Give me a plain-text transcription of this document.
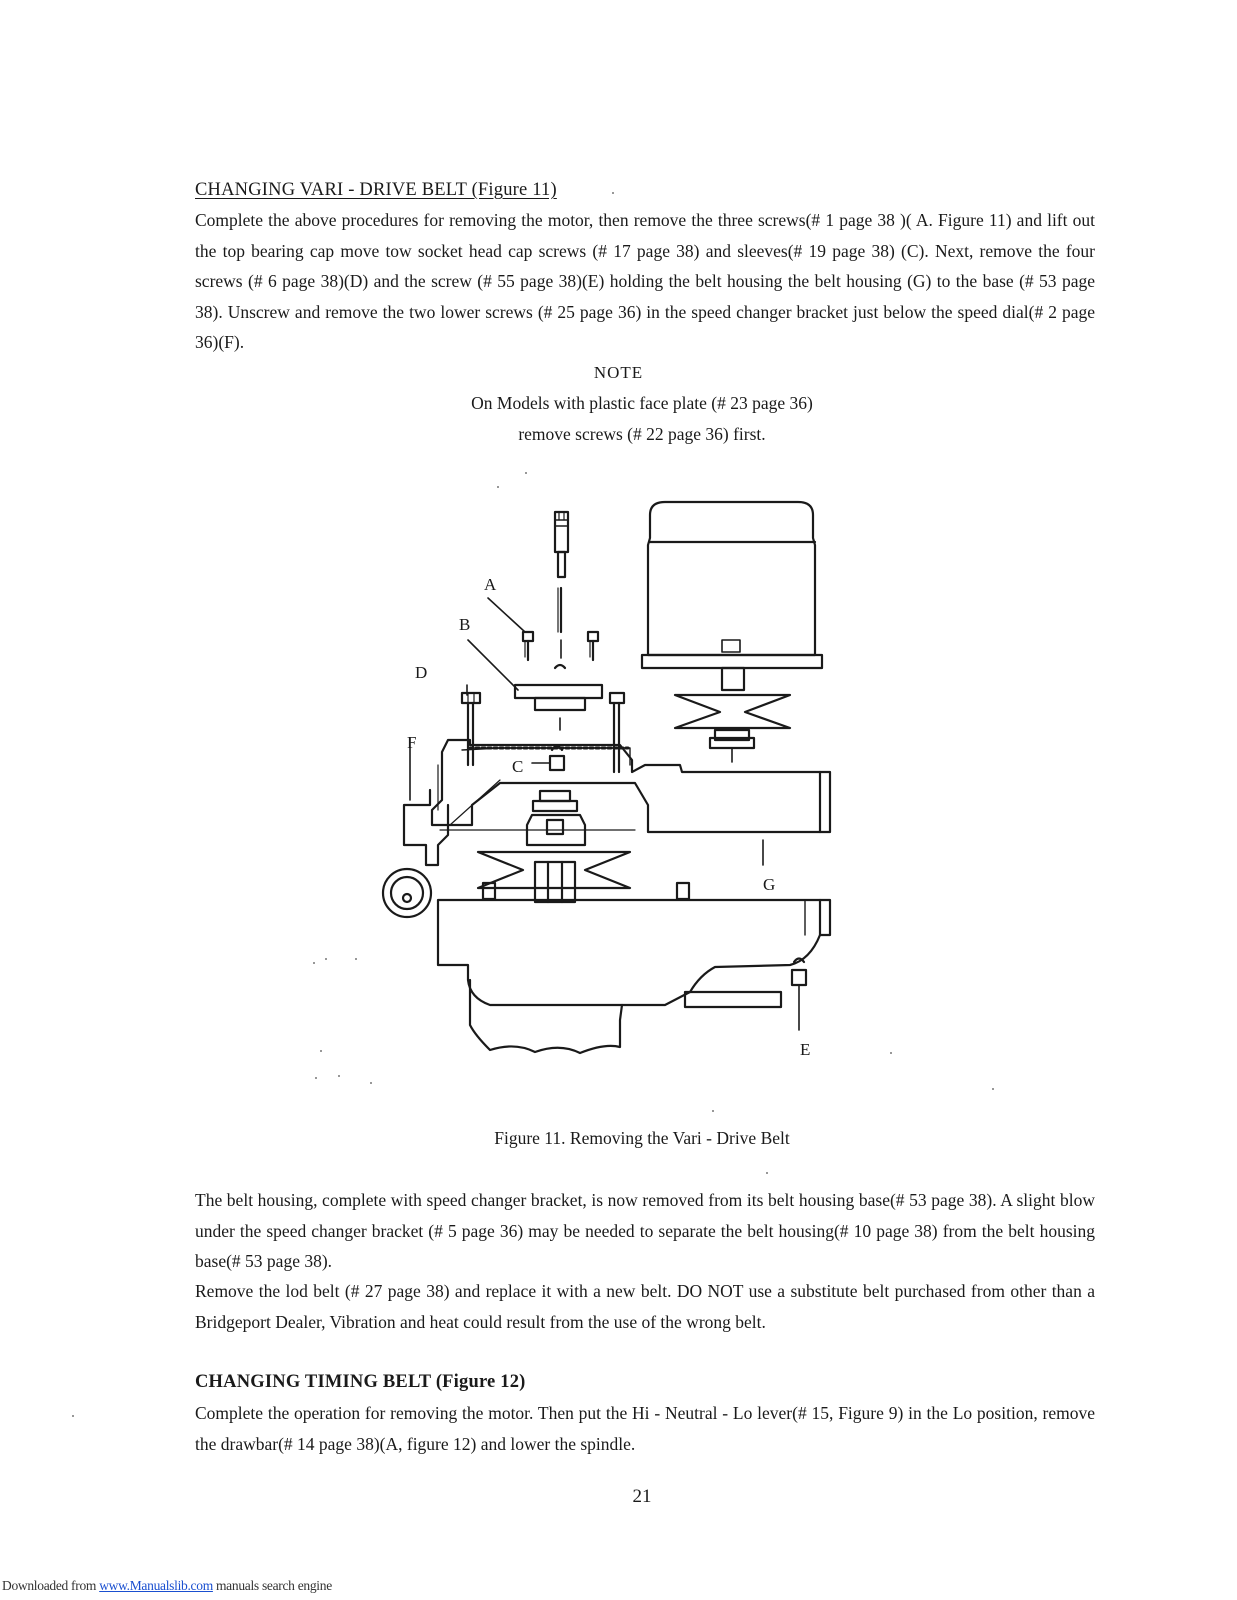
CHANGING VARI - DRIVE BELT (Figure 11)

Complete the above procedures for removing the motor, then remove the three screws(# 1 page 38 )( A. Figure 11) and lift out the top bearing cap move tow socket head cap screws (# 17 page 38) and sleeves(# 19 page 38) (C). Next, remove the four screws (# 6 page 38)(D) and the screw (# 55 page 38)(E) holding the belt housing the belt housing (G) to the base (# 53 page 38). Unscrew and remove the two lower screws (# 25 page 36) in the speed changer bracket just below the speed dial(# 2 page 36)(F).

NOTE

On Models with plastic face plate (# 23 page 36)

remove screws (# 22 page 36) first.

A
B
D
F
C
G
E

Figure 11. Removing the Vari - Drive Belt

The belt housing, complete with speed changer bracket, is now removed from its belt housing base(# 53 page 38). A slight blow under the speed changer bracket (# 5 page 36) may be needed to separate the belt housing(# 10 page 38) from the belt housing base(# 53 page 38).

Remove the lod belt (# 27 page 38) and replace it with a new belt. DO NOT use a substitute belt purchased from other than a Bridgeport Dealer, Vibration and heat could result from the use of the wrong belt.

CHANGING TIMING BELT (Figure 12)

Complete the operation for removing the motor. Then put the Hi - Neutral - Lo lever(# 15, Figure 9) in the Lo position, remove the drawbar(# 14 page 38)(A, figure 12) and lower the spindle.

21

Downloaded from www.Manualslib.com manuals search engine
